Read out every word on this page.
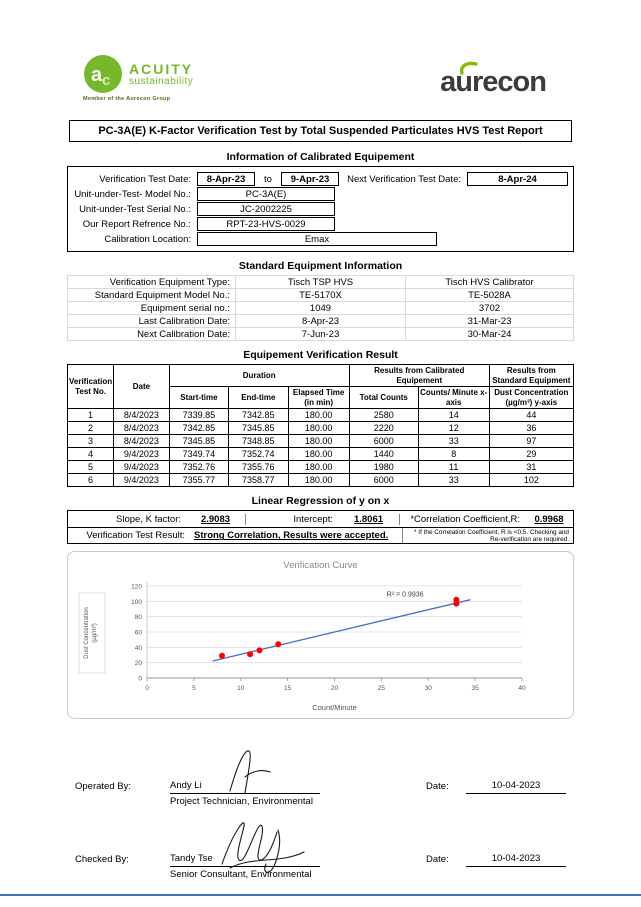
a c
ACUITY
sustainability
Member of the Aurecon Group
aurecon
PC-3A(E) K-Factor Verification Test by Total Suspended Particulates HVS Test Report
Information of Calibrated Equipement
Verification Test Date:	8-Apr-23	to	9-Apr-23	Next Verification Test Date:	8-Apr-24
Unit-under-Test- Model No.:	PC-3A(E)
Unit-under-Test Serial No.:	JC-2002225
Our Report Refrence No.:	RPT-23-HVS-0029
Calibration Location:	Emax
Standard Equipment Information
Verification Equipment Type:	Tisch TSP HVS	Tisch HVS Calibrator
Standard Equipment Model No.:	TE-5170X	TE-5028A
Equipment serial no.:	1049	3702
Last Calibration Date:	8-Apr-23	31-Mar-23
Next Calibration Date:	7-Jun-23	30-Mar-24
Equipement Verification Result
Verification Test No.	Date	Duration			Results from Calibrated Equipement		Results from Standard Equipment
		Start-time	End-time	Elapsed Time (in min)	Total Counts	Counts/ Minute x-axis	Dust Concentration (µg/m³) y-axis
1	8/4/2023	7339.85	7342.85	180.00	2580	14	44
2	8/4/2023	7342.85	7345.85	180.00	2220	12	36
3	8/4/2023	7345.85	7348.85	180.00	6000	33	97
4	9/4/2023	7349.74	7352.74	180.00	1440	8	29
5	9/4/2023	7352.76	7355.76	180.00	1980	11	31
6	9/4/2023	7355.77	7358.77	180.00	6000	33	102
Linear Regression of y on x
Slope, K factor:	2.9083	Intercept:	1.8061	*Correlation Coefficient,R:	0.9968
Verification Test Result: Strong Correlation, Results were accepted.	* If the Correlation Coefficient, R is <0.5. Checking and Re-verification are required.
Verification Curve
0
20
40
60
80
100
120
0	5	10	15	20	25	30	35	40
Count/Minute
Dust Concentration (µg/m³)
R² = 0.9936
Operated By:	Andy Li
Project Technician, Environmental
Date:	10-04-2023
Checked By:	Tandy Tse
Senior Consultant, Environmental
Date:	10-04-2023
